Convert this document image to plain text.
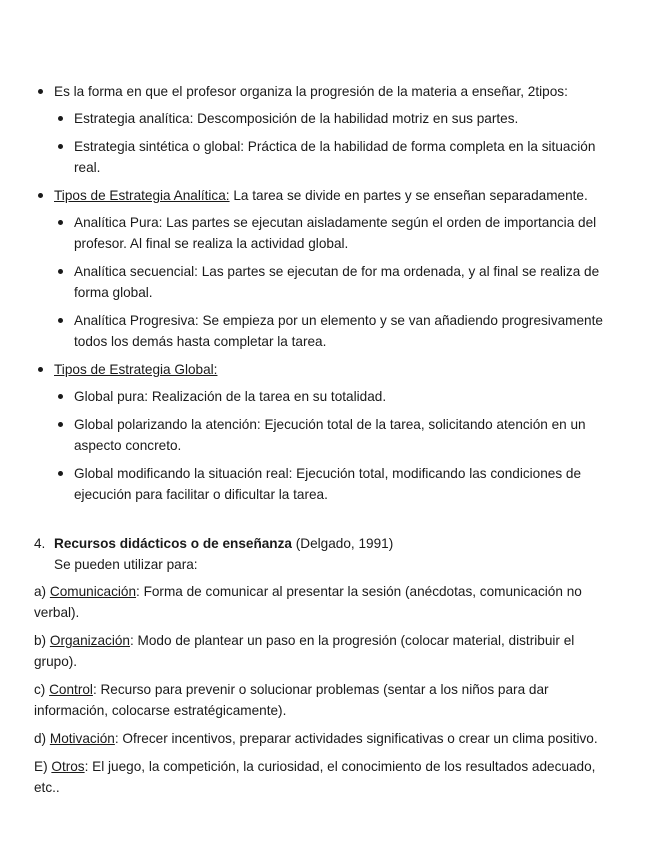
Es la forma en que el profesor organiza la progresión de la materia a enseñar, 2tipos:
Estrategia analítica: Descomposición de la habilidad motriz en sus partes.
Estrategia sintética o global: Práctica de la habilidad de forma completa en la situación real.
Tipos de Estrategia Analítica: La tarea se divide en partes y se enseñan separadamente.
Analítica Pura: Las partes se ejecutan aisladamente según el orden de importancia del profesor. Al final se realiza la actividad global.
Analítica secuencial: Las partes se ejecutan de for ma ordenada, y al final se realiza de forma global.
Analítica Progresiva: Se empieza por un elemento y se van añadiendo progresivamente todos los demás hasta completar la tarea.
Tipos de Estrategia Global:
Global pura: Realización de la tarea en su totalidad.
Global polarizando la atención: Ejecución total de la tarea, solicitando atención en un aspecto concreto.
Global modificando la situación real: Ejecución total, modificando las condiciones de ejecución para facilitar o dificultar la tarea.
4. Recursos didácticos o de enseñanza (Delgado, 1991)
Se pueden utilizar para:

a) Comunicación: Forma de comunicar al presentar la sesión (anécdotas, comunicación no verbal).

b) Organización: Modo de plantear un paso en la progresión (colocar material, distribuir el grupo).

c) Control: Recurso para prevenir o solucionar problemas (sentar a los niños para dar información, colocarse estratégicamente).

d) Motivación: Ofrecer incentivos, preparar actividades significativas o crear un clima positivo.

E) Otros: El juego, la competición, la curiosidad, el conocimiento de los resultados adecuado, etc..
